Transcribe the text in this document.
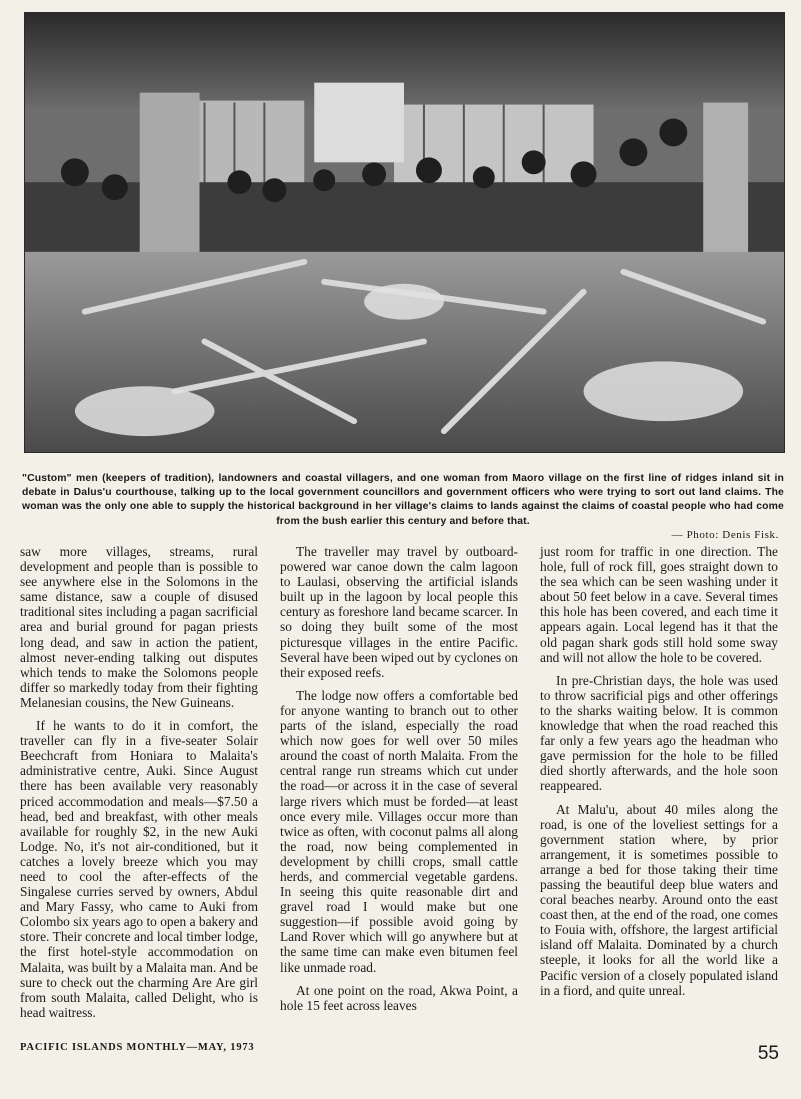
"Custom" men (keepers of tradition), landowners and coastal villagers, and one woman from Maoro village on the first line of ridges inland sit in debate in Dalus'u courthouse, talking up to the local government councillors and government officers who were trying to sort out land claims. The woman was the only one able to supply the historical background in her village's claims to lands against the claims of coastal people who had come from the bush earlier this century and before that.
— Photo: Denis Fisk.

saw more villages, streams, rural development and people than is possible to see anywhere else in the Solomons in the same distance, saw a couple of disused traditional sites including a pagan sacrificial area and burial ground for pagan priests long dead, and saw in action the patient, almost never-ending talking out disputes which tends to make the Solomons people differ so markedly today from their fighting Melanesian cousins, the New Guineans.

If he wants to do it in comfort, the traveller can fly in a five-seater Solair Beechcraft from Honiara to Malaita's administrative centre, Auki. Since August there has been available very reasonably priced accommodation and meals—$7.50 a head, bed and breakfast, with other meals available for roughly $2, in the new Auki Lodge. No, it's not air-conditioned, but it catches a lovely breeze which you may need to cool the after-effects of the Singalese curries served by owners, Abdul and Mary Fassy, who came to Auki from Colombo six years ago to open a bakery and store. Their concrete and local timber lodge, the first hotel-style accommodation on Malaita, was built by a Malaita man. And be sure to check out the charming Are Are girl from south Malaita, called Delight, who is head waitress.

The traveller may travel by outboard-powered war canoe down the calm lagoon to Laulasi, observing the artificial islands built up in the lagoon by local people this century as foreshore land became scarcer. In so doing they built some of the most picturesque villages in the entire Pacific. Several have been wiped out by cyclones on their exposed reefs.

The lodge now offers a comfortable bed for anyone wanting to branch out to other parts of the island, especially the road which now goes for well over 50 miles around the coast of north Malaita. From the central range run streams which cut under the road—or across it in the case of several large rivers which must be forded—at least once every mile. Villages occur more than twice as often, with coconut palms all along the road, now being complemented in development by chilli crops, small cattle herds, and commercial vegetable gardens. In seeing this quite reasonable dirt and gravel road I would make but one suggestion—if possible avoid going by Land Rover which will go anywhere but at the same time can make even bitumen feel like unmade road.

At one point on the road, Akwa Point, a hole 15 feet across leaves

just room for traffic in one direction. The hole, full of rock fill, goes straight down to the sea which can be seen washing under it about 50 feet below in a cave. Several times this hole has been covered, and each time it appears again. Local legend has it that the old pagan shark gods still hold some sway and will not allow the hole to be covered.

In pre-Christian days, the hole was used to throw sacrificial pigs and other offerings to the sharks waiting below. It is common knowledge that when the road reached this far only a few years ago the headman who gave permission for the hole to be filled died shortly afterwards, and the hole soon reappeared.

At Malu'u, about 40 miles along the road, is one of the loveliest settings for a government station where, by prior arrangement, it is sometimes possible to arrange a bed for those taking their time passing the beautiful deep blue waters and coral beaches nearby. Around onto the east coast then, at the end of the road, one comes to Fouia with, offshore, the largest artificial island off Malaita. Dominated by a church steeple, it looks for all the world like a Pacific version of a closely populated island in a fiord, and quite unreal.

PACIFIC ISLANDS MONTHLY—MAY, 1973	55
